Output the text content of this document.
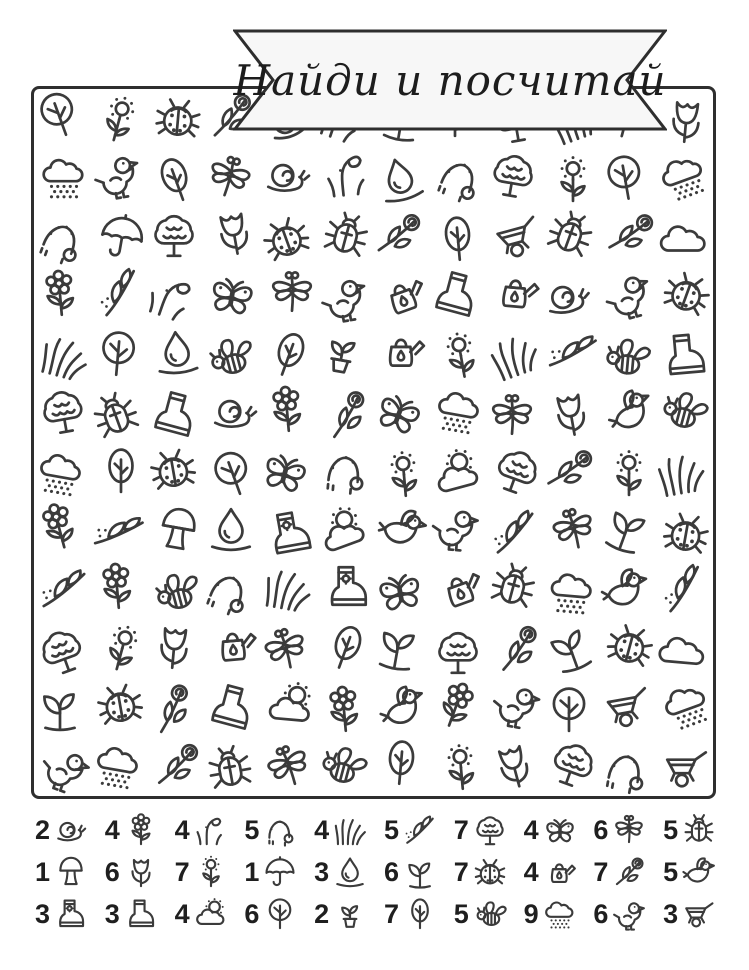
Найди и посчитай
2 4 4 5 4 5 7 4 6 5
1 6 7 1 3 6 7 4 7 5
3 3 4 6 2 7 5 9 6 3
